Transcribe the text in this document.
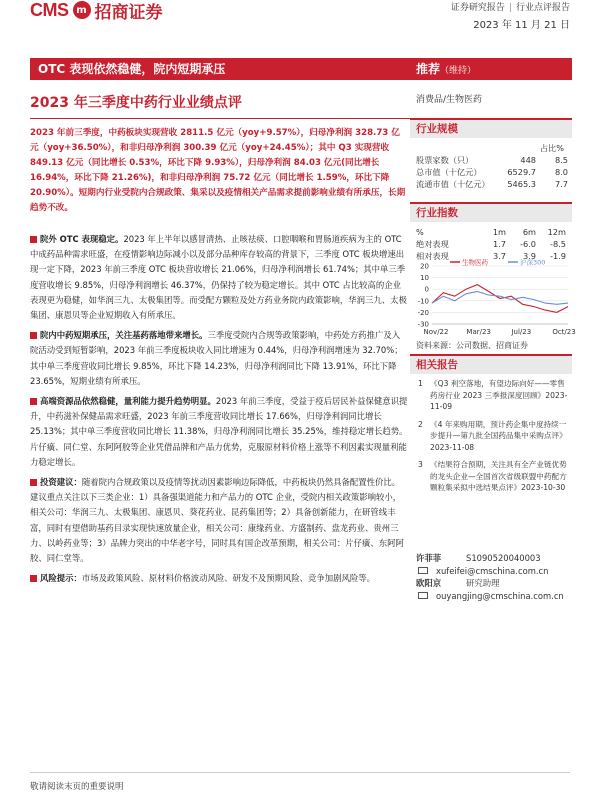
CMS m 招商证券	证券研究报告 | 行业点评报告
2023 年 11 月 21 日
OTC 表现依然稳健，院内短期承压	推荐（维持）
2023 年三季度中药行业业绩点评
2023 年前三季度，中药板块实现营收 2811.5 亿元（yoy+9.57%），归母净利润 328.73 亿元（yoy+36.50%），和非归母净利润 300.39 亿元（yoy+24.45%）；其中 Q3 实现营收 849.13 亿元（同比增长 0.53%，环比下降 9.93%），归母净利润 84.03 亿元(同比增长 16.94%，环比下降 21.26%)，和非归母净利润 75.72 亿元（同比增长 1.59%，环比下降 20.90%）。短期内行业受院内合规政策、集采以及疫情相关产品需求提前影响业绩有所承压，长期趋势不改。

院外 OTC 表现稳定。2023 年上半年以感冒清热、止咳祛痰、口腔咽喉和胃肠道疾病为主的 OTC 中成药品种需求旺盛，在疫情影响边际减小以及部分品种库存较高的背景下，三季度 OTC 板块增速出现一定下降，2023 年前三季度 OTC 板块营收增长 21.06%，归母净利润增长 61.74%；其中单三季度营收增长 9.85%，归母净利润增长 46.37%，仍保持了较为稳定增长。其中 OTC 占比较高的企业表现更为稳健，如华润三九、太极集团等。而受配方颗粒及处方药业务院内政策影响，华润三九、太极集团、康恩贝等企业短期收入有所承压。

院内中药短期承压，关注基药落地带来增长。三季度受院内合规等政策影响，中药处方药推广及入院活动受到短暂影响，2023 年前三季度板块收入同比增速为 0.44%，归母净利润增速为 32.70%；其中单三季度营收同比增长 9.85%，环比下降 14.23%，归母净利润同比下降 13.91%，环比下降 23.65%，短期业绩有所承压。

高端资源品依然稳健，量利能力提升趋势明显。2023 年前三季度，受益于疫后居民补益保健意识提升，中药滋补保健品需求旺盛，2023 年前三季度营收同比增长 17.66%，归母净利润同比增长 25.13%；其中单三季度营收同比增长 11.38%，归母净利润同比增长 35.25%，维持稳定增长趋势。片仔癀、同仁堂、东阿阿胶等企业凭借品牌和产品力优势，克服原材料价格上涨等不利因素实现量利能力稳定增长。

投资建议：随着院内合规政策以及疫情等扰动因素影响边际降低，中药板块仍然具备配置性价比。建议重点关注以下三类企业：1）具备强渠道能力和产品力的 OTC 企业，受院内相关政策影响较小，相关公司：华润三九、太极集团、康恩贝、葵花药业、昆药集团等；2）具备创新能力，在研管线丰富，同时有望借助基药目录实现快速放量企业，相关公司：康缘药业、方盛制药、盘龙药业、贵州三力、以岭药业等；3）品牌力突出的中华老字号，同时具有国企改革预期，相关公司：片仔癀、东阿阿胶、同仁堂等。

风险提示：市场及政策风险、原材料价格波动风险、研发不及预期风险、竞争加剧风险等。

消费品/生物医药
行业规模
占比%
股票家数（只）	448	8.5
总市值（十亿元）	6529.7	8.0
流通市值（十亿元）	5465.3	7.7
行业指数
%	1m	6m	12m
绝对表现	1.7	-6.0	-8.5
相对表现	3.7	3.9	-1.9
20
10
0
-10
-20
-30
Nov/22	Mar/23	Jul/23	Oct/23
生物医药	沪深300
资料来源：公司数据、招商证券
相关报告
1 《Q3 利空落地，有望边际向好——零售药房行业 2023 三季报深度回顾》2023-11-09
2 《4 年来购用期，预计药企集中度持续一步提升—第九批全国药品集中采购点评》2023-11-08
3 《结果符合预期，关注具有全产业链优势的龙头企业—全国首次省级联盟中药配方颗粒集采拟中选结果点评》2023-10-30
许菲菲	S1090520040003
xufeifei@cmschina.com.cn
欧阳京	研究助理
ouyangjing@cmschina.com.cn
敬请阅读末页的重要说明
